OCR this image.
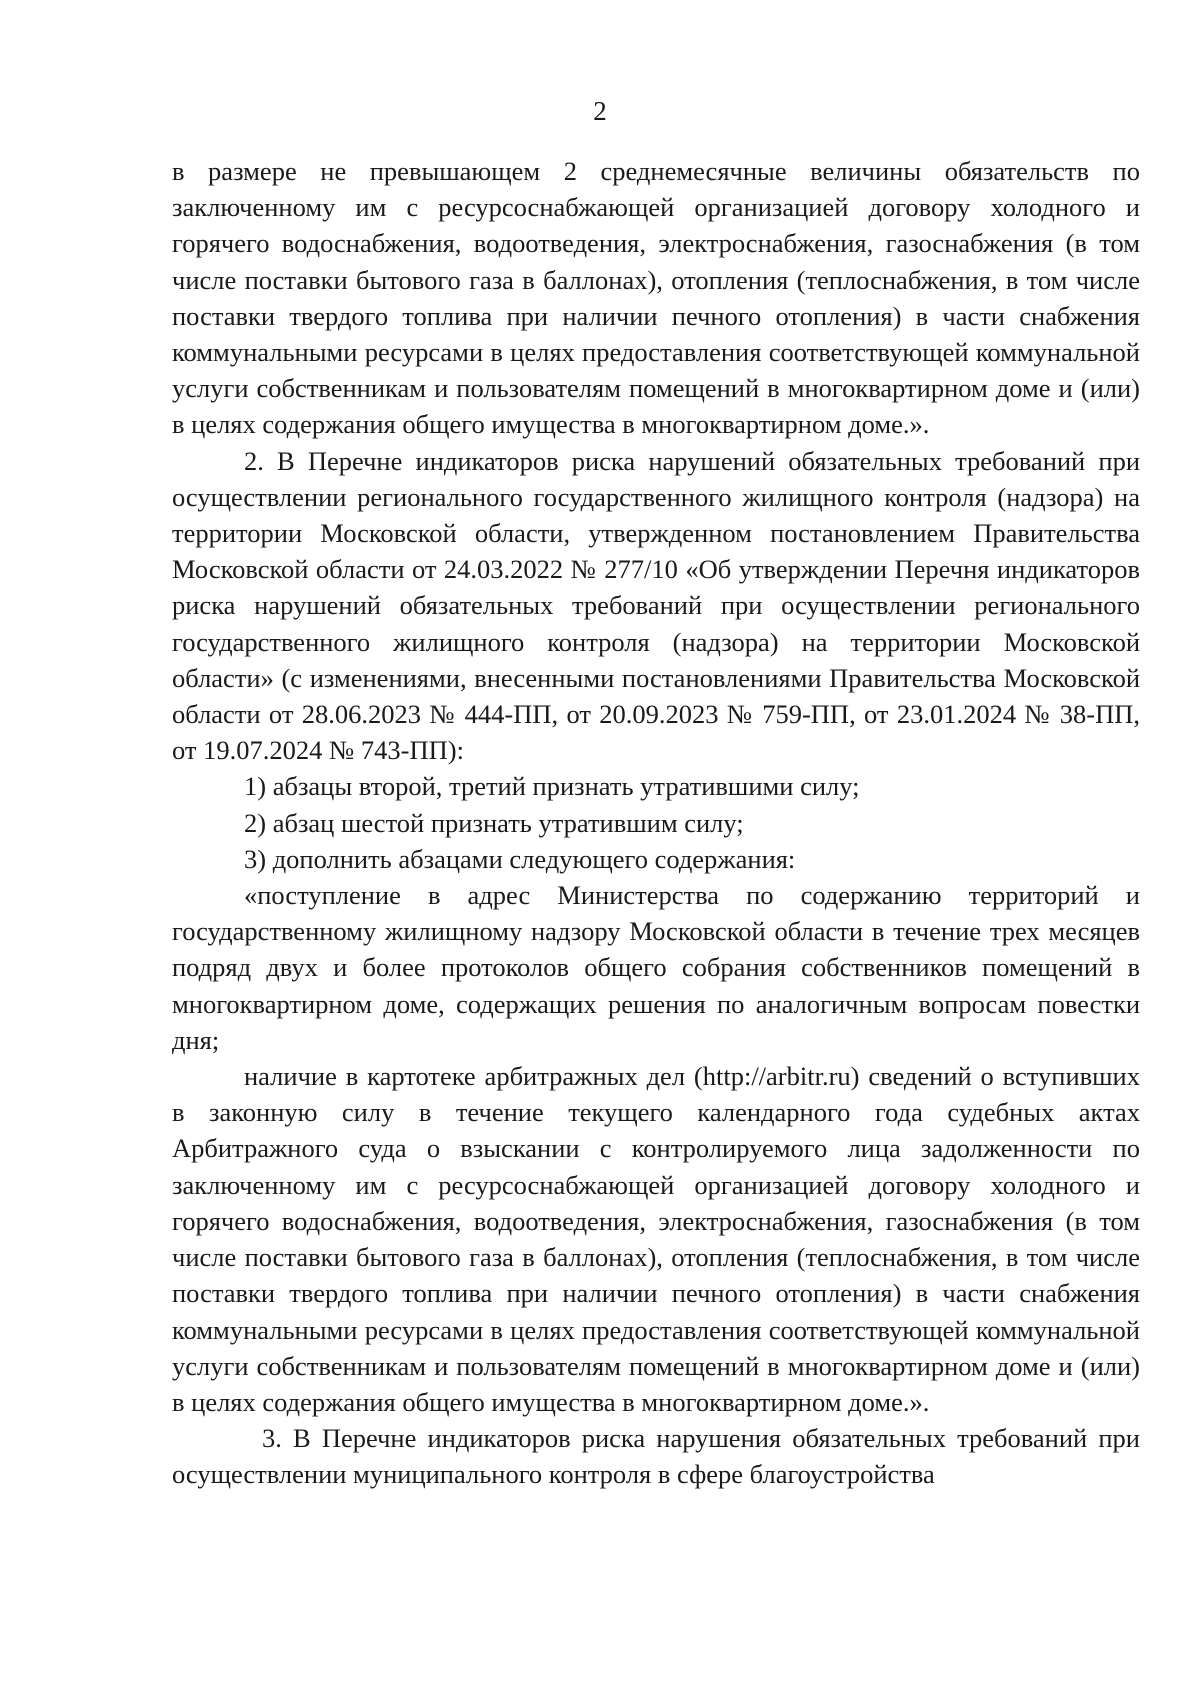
2

в размере не превышающем 2 среднемесячные величины обязательств по заключенному им с ресурсоснабжающей организацией договору холодного и горячего водоснабжения, водоотведения, электроснабжения, газоснабжения (в том числе поставки бытового газа в баллонах), отопления (теплоснабжения, в том числе поставки твердого топлива при наличии печного отопления) в части снабжения коммунальными ресурсами в целях предоставления соответствующей коммунальной услуги собственникам и пользователям помещений в многоквартирном доме и (или) в целях содержания общего имущества в многоквартирном доме.».

2. В Перечне индикаторов риска нарушений обязательных требований при осуществлении регионального государственного жилищного контроля (надзора) на территории Московской области, утвержденном постановлением Правительства Московской области от 24.03.2022 № 277/10 «Об утверждении Перечня индикаторов риска нарушений обязательных требований при осуществлении регионального государственного жилищного контроля (надзора) на территории Московской области» (с изменениями, внесенными постановлениями Правительства Московской области от 28.06.2023 № 444-ПП, от 20.09.2023 № 759-ПП, от 23.01.2024 № 38-ПП, от 19.07.2024 № 743-ПП):

1) абзацы второй, третий признать утратившими силу;

2) абзац шестой признать утратившим силу;

3) дополнить абзацами следующего содержания:

«поступление в адрес Министерства по содержанию территорий и государственному жилищному надзору Московской области в течение трех месяцев подряд двух и более протоколов общего собрания собственников помещений в многоквартирном доме, содержащих решения по аналогичным вопросам повестки дня;

наличие в картотеке арбитражных дел (http://arbitr.ru) сведений о вступивших в законную силу в течение текущего календарного года судебных актах Арбитражного суда о взыскании с контролируемого лица задолженности по заключенному им с ресурсоснабжающей организацией договору холодного и горячего водоснабжения, водоотведения, электроснабжения, газоснабжения (в том числе поставки бытового газа в баллонах), отопления (теплоснабжения, в том числе поставки твердого топлива при наличии печного отопления) в части снабжения коммунальными ресурсами в целях предоставления соответствующей коммунальной услуги собственникам и пользователям помещений в многоквартирном доме и (или) в целях содержания общего имущества в многоквартирном доме.».

3. В Перечне индикаторов риска нарушения обязательных требований при осуществлении муниципального контроля в сфере благоустройства
